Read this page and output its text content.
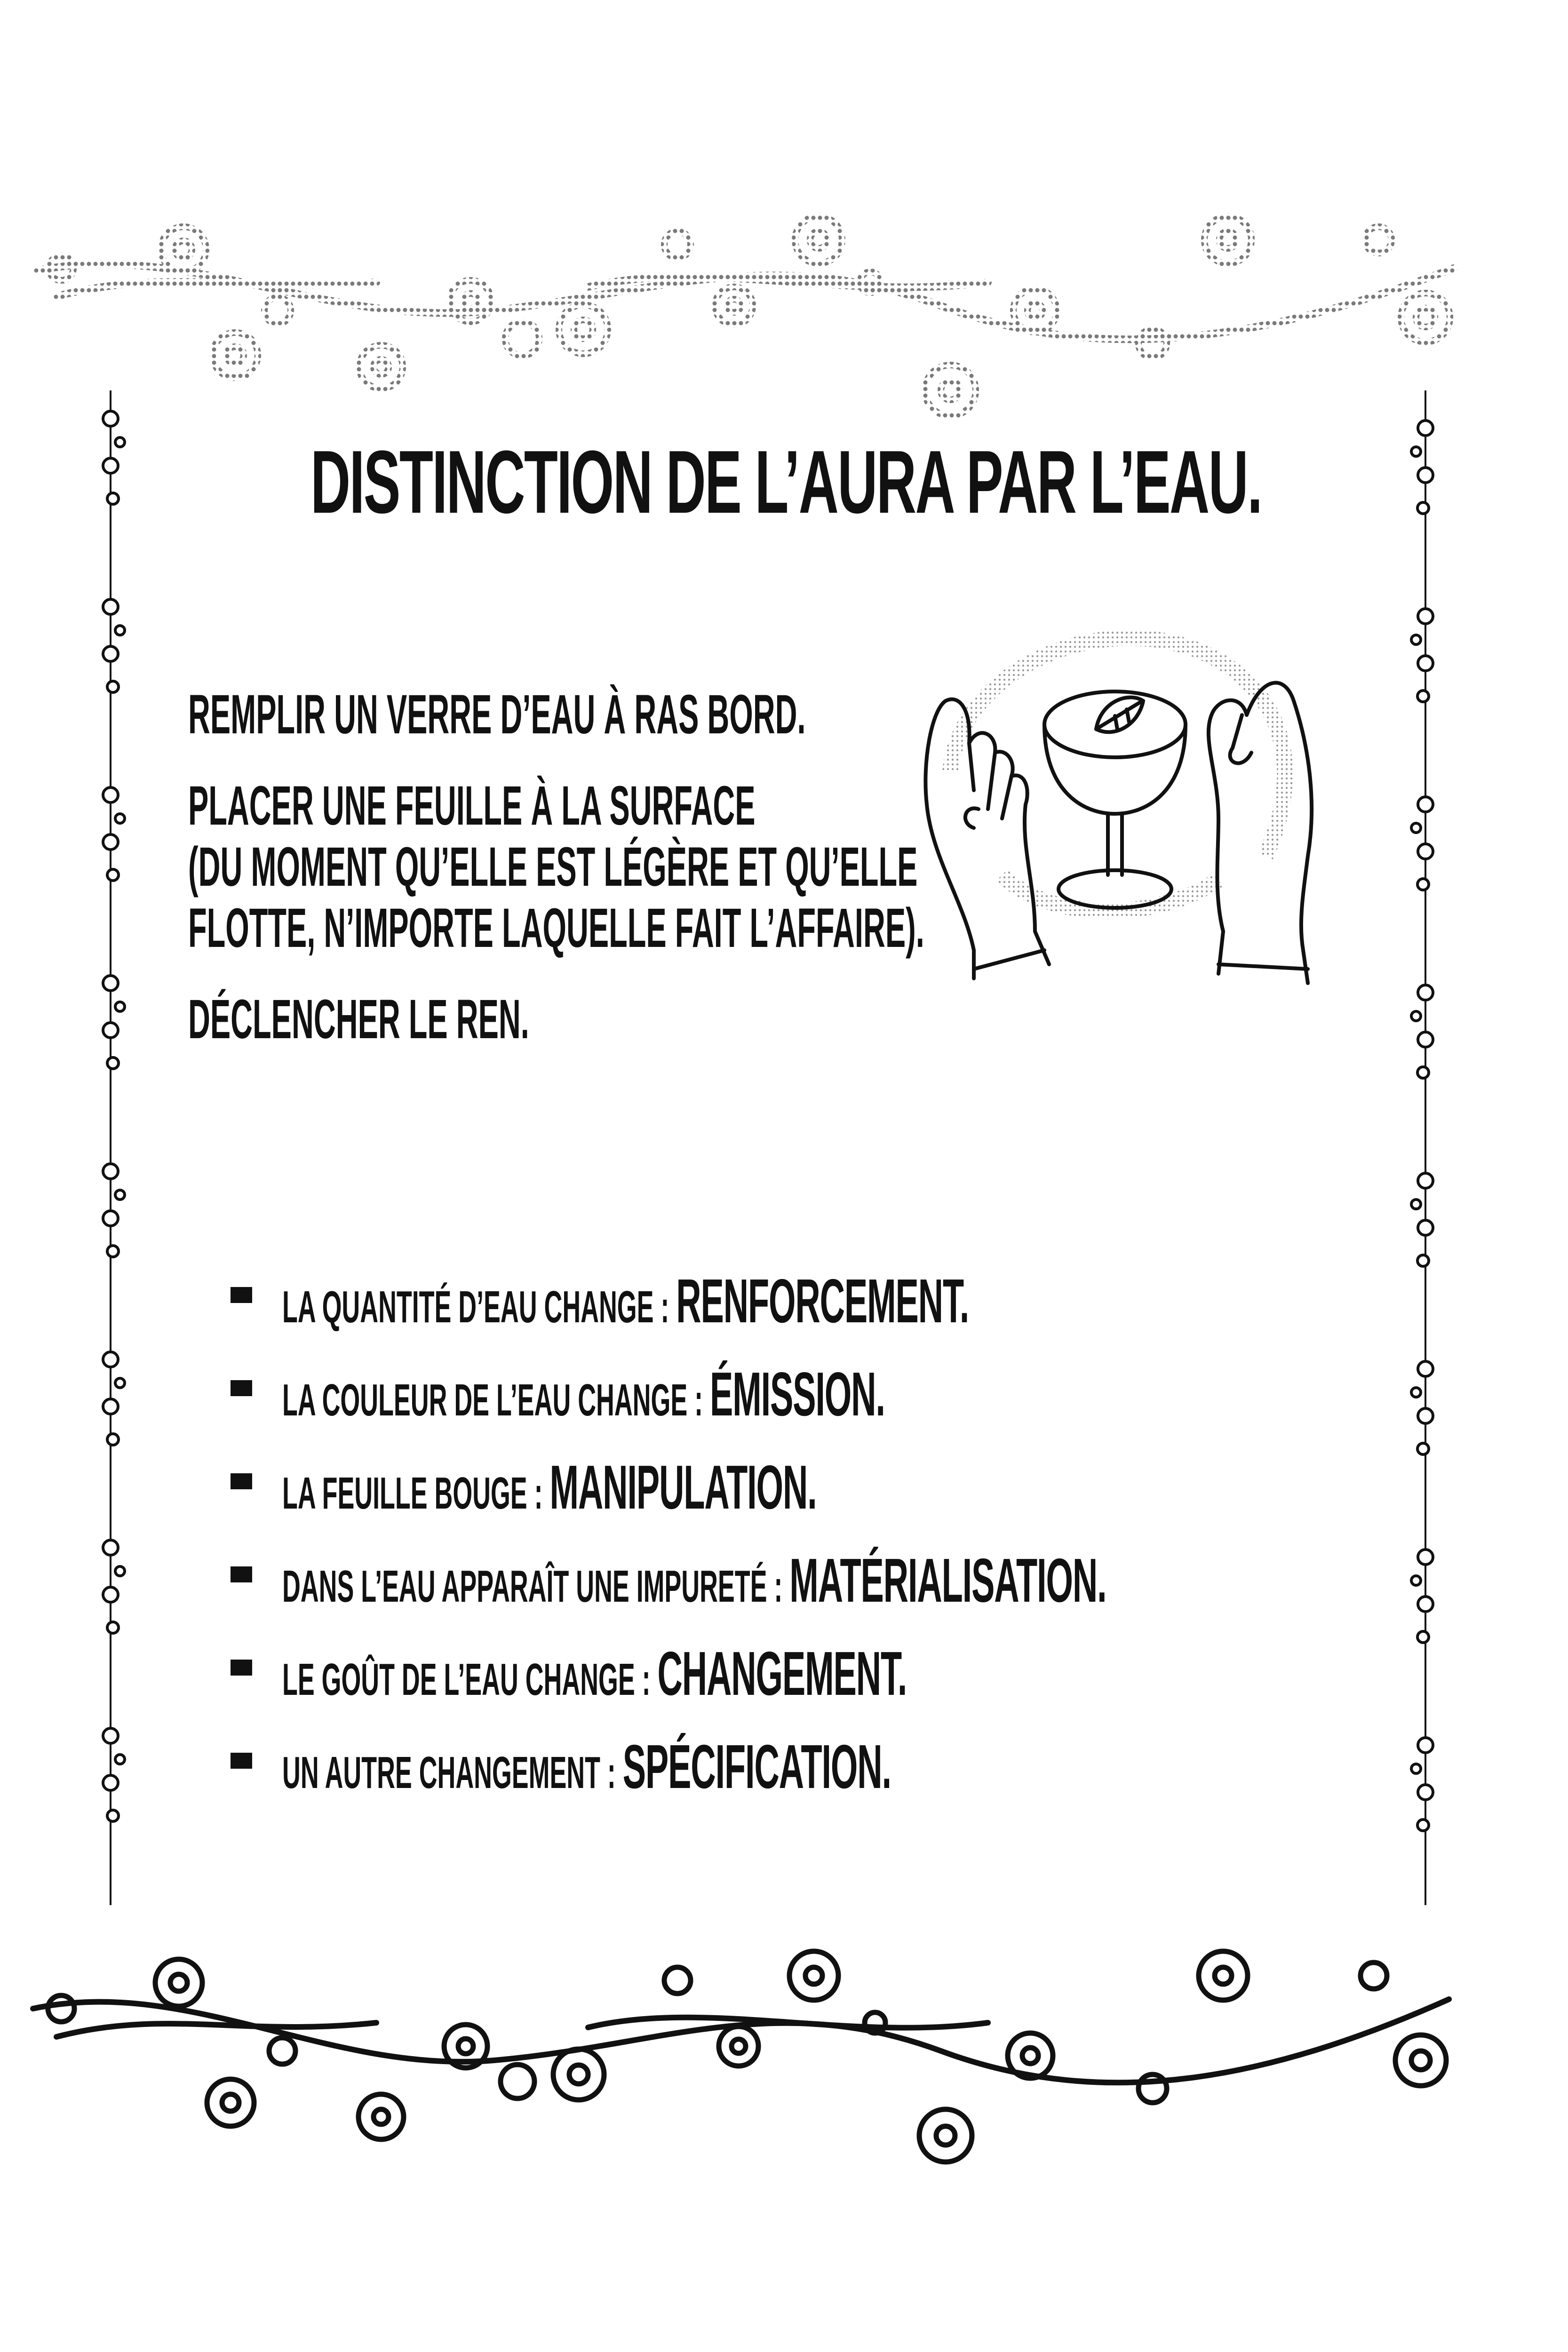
DISTINCTION DE L’AURA PAR L’EAU.
REMPLIR UN VERRE D’EAU À RAS BORD.
PLACER UNE FEUILLE À LA SURFACE
(DU MOMENT QU’ELLE EST LÉGÈRE ET QU’ELLE
FLOTTE, N’IMPORTE LAQUELLE FAIT L’AFFAIRE).
DÉCLENCHER LE REN.
LA QUANTITÉ D’EAU CHANGE : RENFORCEMENT.
LA COULEUR DE L’EAU CHANGE : ÉMISSION.
LA FEUILLE BOUGE : MANIPULATION.
DANS L’EAU APPARAÎT UNE IMPURETÉ : MATÉRIALISATION.
LE GOÛT DE L’EAU CHANGE : CHANGEMENT.
UN AUTRE CHANGEMENT : SPÉCIFICATION.
